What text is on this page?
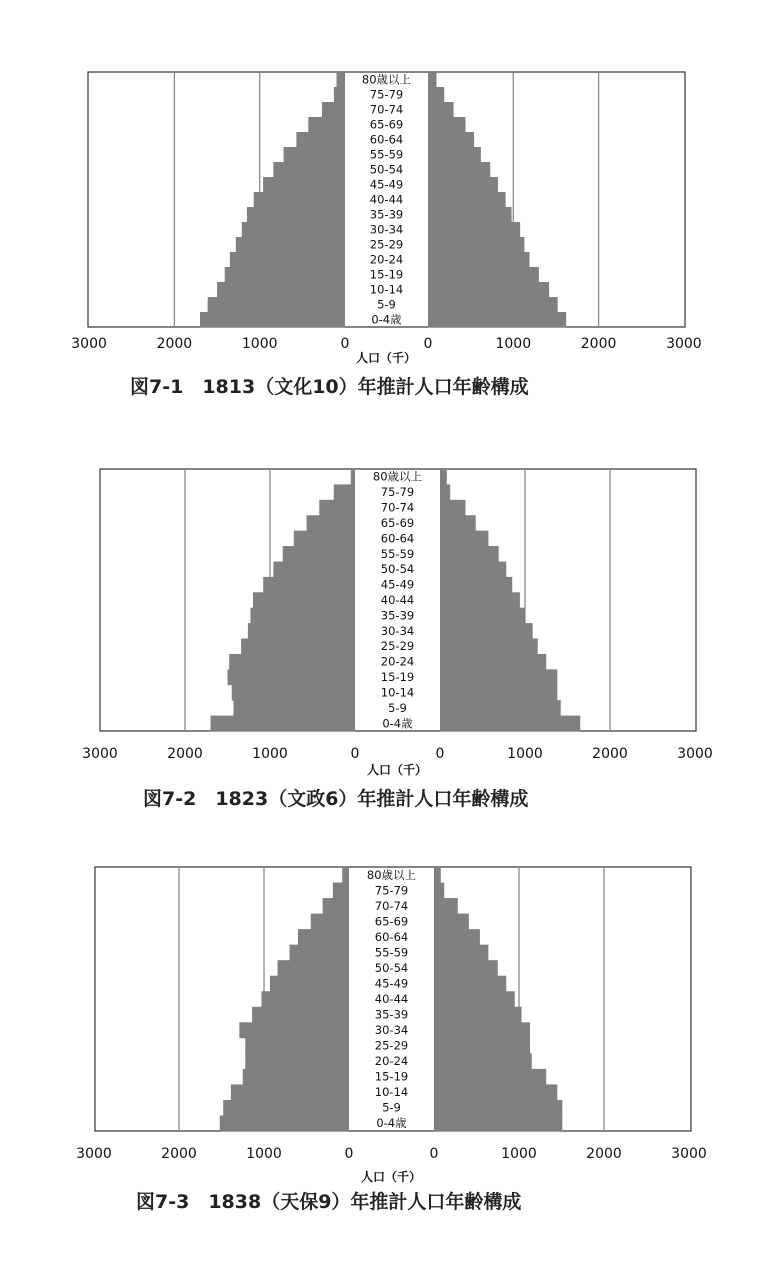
80歳以上
75-79
70-74
65-69
60-64
55-59
50-54
45-49
40-44
35-39
30-34
25-29
20-24
15-19
10-14
5-9
0-4歳
3000	2000	1000	0	0	1000	2000	3000
人口（千）
図7-1　1813（文化10）年推計人口年齢構成
80歳以上
75-79
70-74
65-69
60-64
55-59
50-54
45-49
40-44
35-39
30-34
25-29
20-24
15-19
10-14
5-9
0-4歳
3000	2000	1000	0	0	1000	2000	3000
人口（千）
図7-2　1823（文政6）年推計人口年齢構成
80歳以上
75-79
70-74
65-69
60-64
55-59
50-54
45-49
40-44
35-39
30-34
25-29
20-24
15-19
10-14
5-9
0-4歳
3000	2000	1000	0	0	1000	2000	3000
人口（千）
図7-3　1838（天保9）年推計人口年齢構成
